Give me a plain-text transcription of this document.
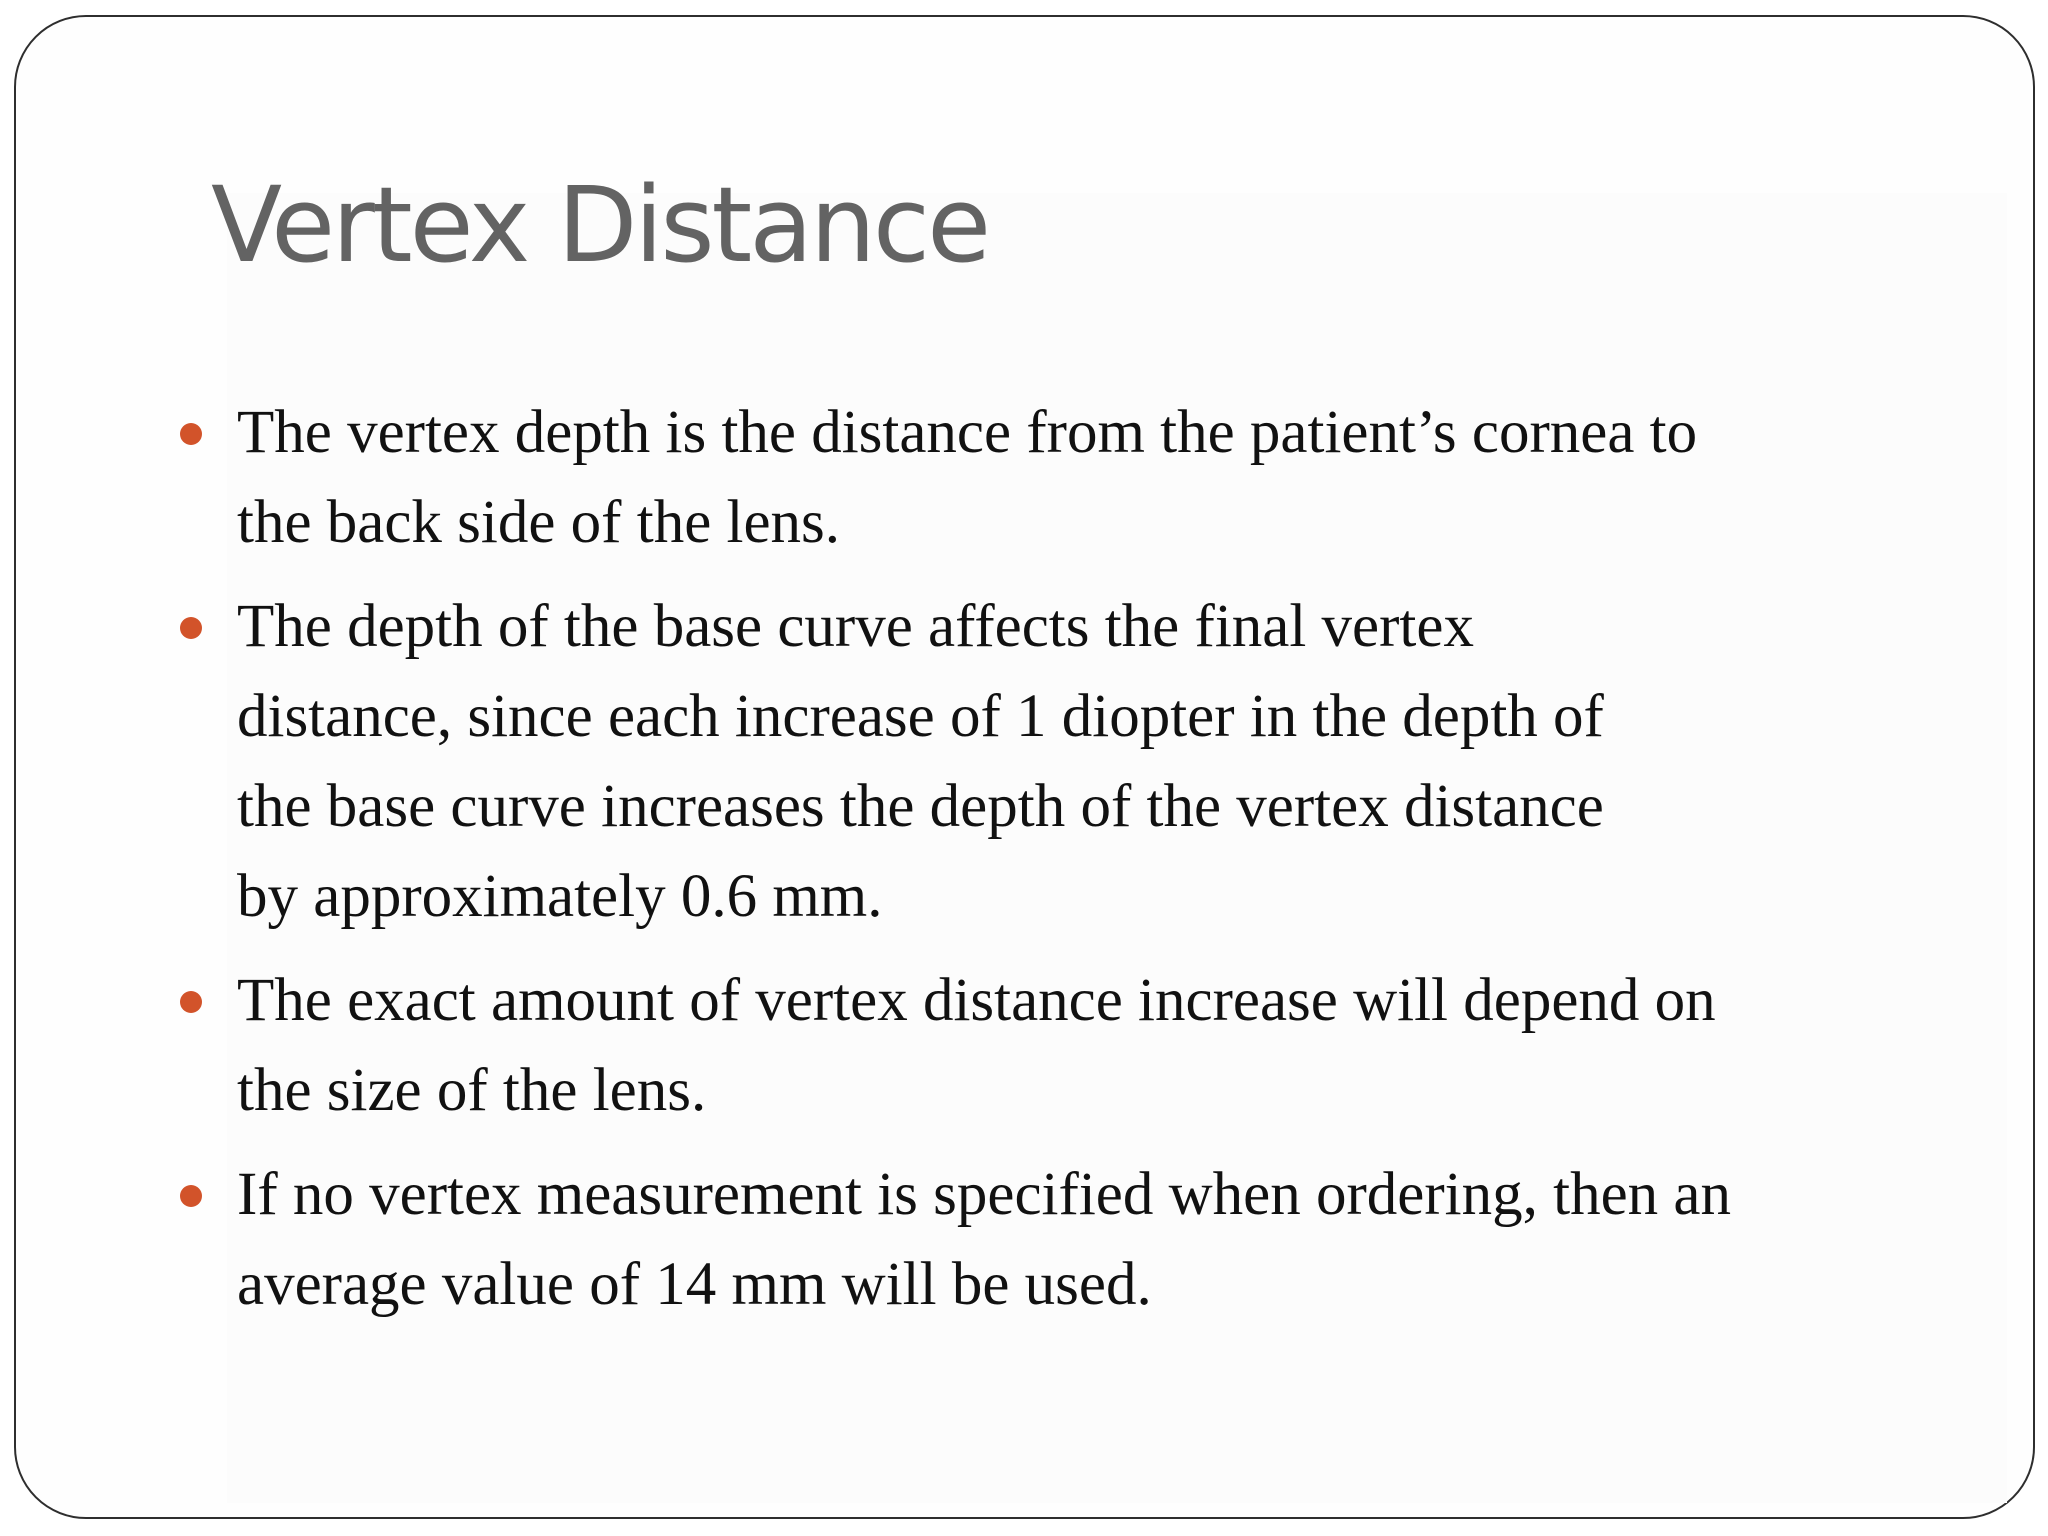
Vertex Distance
The vertex depth is the distance from the patient’s cornea to
the back side of the lens.
The depth of the base curve affects the final vertex
distance, since each increase of 1 diopter in the depth of
the base curve increases the depth of the vertex distance
by approximately 0.6 mm.
The exact amount of vertex distance increase will depend on
the size of the lens.
If no vertex measurement is specified when ordering, then an
average value of 14 mm will be used.
